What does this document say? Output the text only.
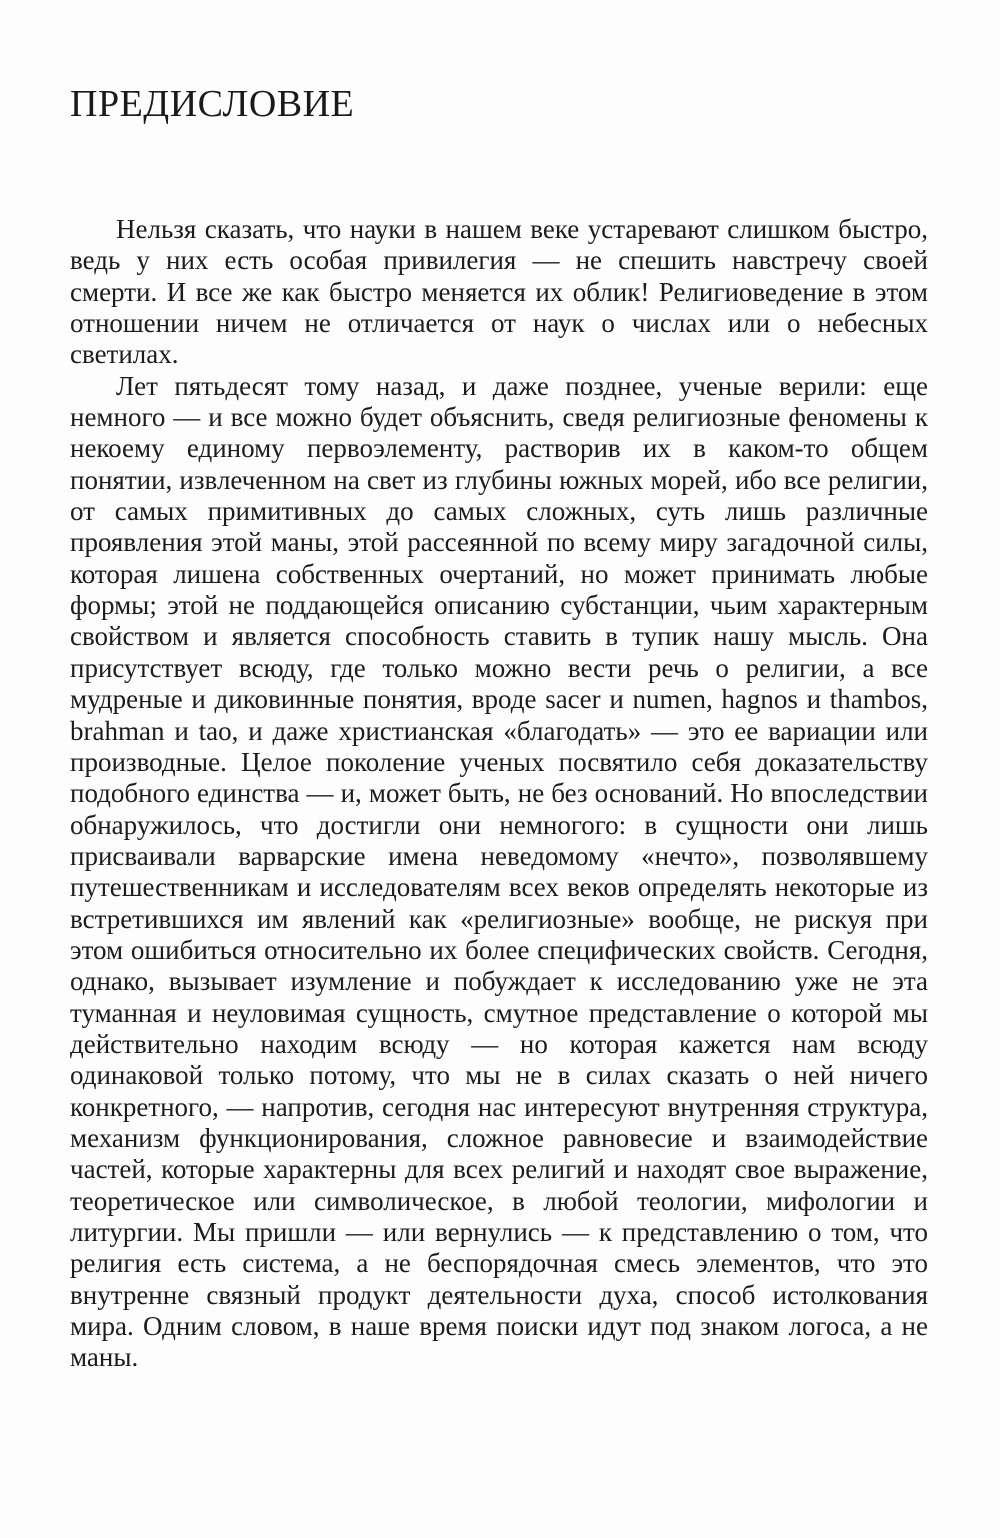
ПРЕДИСЛОВИЕ

Нельзя сказать, что науки в нашем веке устаревают слишком быстро, ведь у них есть особая привилегия — не спешить навстречу своей смерти. И все же как быстро меняется их облик! Религиоведение в этом отношении ничем не отличается от наук о числах или о небесных светилах.

Лет пятьдесят тому назад, и даже позднее, ученые верили: еще немного — и все можно будет объяснить, сведя религиозные феномены к некоему единому первоэлементу, растворив их в каком-то общем понятии, извлеченном на свет из глубины южных морей, ибо все религии, от самых примитивных до самых сложных, суть лишь различные проявления этой маны, этой рассеянной по всему миру загадочной силы, которая лишена собственных очертаний, но может принимать любые формы; этой не поддающейся описанию субстанции, чьим характерным свойством и является способность ставить в тупик нашу мысль. Она присутствует всюду, где только можно вести речь о религии, а все мудреные и диковинные понятия, вроде sacer и numen, hagnos и thambos, brahman и tao, и даже христианская «благодать» — это ее вариации или производные. Целое поколение ученых посвятило себя доказательству подобного единства — и, может быть, не без оснований. Но впоследствии обнаружилось, что достигли они немногого: в сущности они лишь присваивали варварские имена неведомому «нечто», позволявшему путешественникам и исследователям всех веков определять некоторые из встретившихся им явлений как «религиозные» вообще, не рискуя при этом ошибиться относительно их более специфических свойств. Сегодня, однако, вызывает изумление и побуждает к исследованию уже не эта туманная и неуловимая сущность, смутное представление о которой мы действительно находим всюду — но которая кажется нам всюду одинаковой только потому, что мы не в силах сказать о ней ничего конкретного, — напротив, сегодня нас интересуют внутренняя структура, механизм функционирования, сложное равновесие и взаимодействие частей, которые характерны для всех религий и находят свое выражение, теоретическое или символическое, в любой теологии, мифологии и литургии. Мы пришли — или вернулись — к представлению о том, что религия есть система, а не беспорядочная смесь элементов, что это внутренне связный продукт деятельности духа, способ истолкования мира. Одним словом, в наше время поиски идут под знаком логоса, а не маны.
